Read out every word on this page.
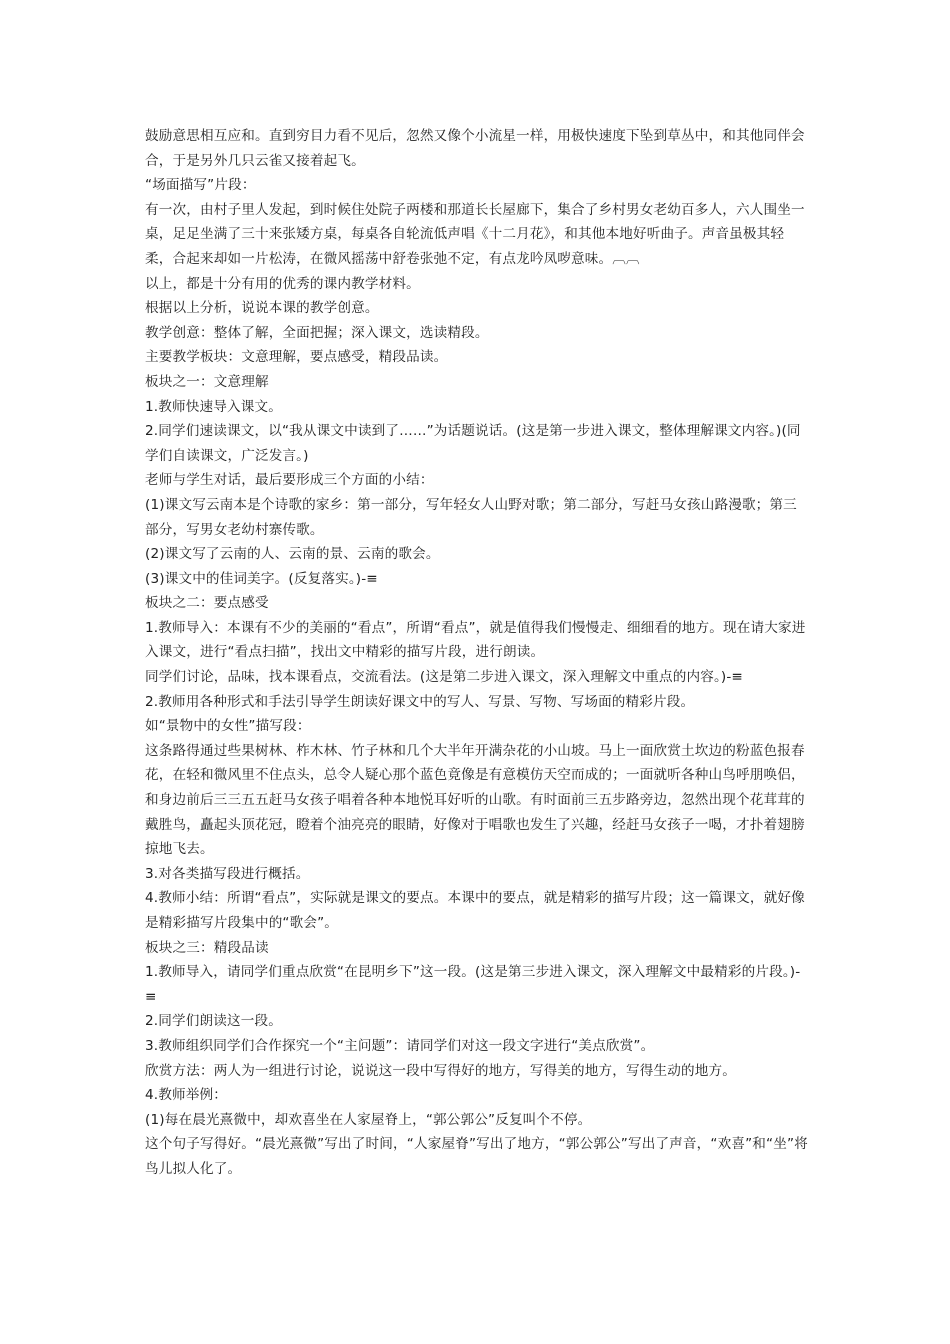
鼓励意思相互应和。直到穷目力看不见后，忽然又像个小流星一样，用极快速度下坠到草丛中，和其他同伴会合，于是另外几只云雀又接着起飞。

“场面描写”片段：

有一次，由村子里人发起，到时候住处院子两楼和那道长长屋廊下，集合了乡村男女老幼百多人，六人围坐一桌，足足坐满了三十来张矮方桌，每桌各自轮流低声唱《十二月花》，和其他本地好听曲子。声音虽极其轻柔，合起来却如一片松涛，在微风摇荡中舒卷张弛不定，有点龙吟凤哕意味。︹︹

以上，都是十分有用的优秀的课内教学材料。

根据以上分析，说说本课的教学创意。

教学创意：整体了解，全面把握；深入课文，选读精段。

主要教学板块：文意理解，要点感受，精段品读。

板块之一：文意理解

1.教师快速导入课文。

2.同学们速读课文，以“我从课文中读到了……”为话题说话。(这是第一步进入课文，整体理解课文内容。)(同学们自读课文，广泛发言。)

老师与学生对话，最后要形成三个方面的小结：

(1)课文写云南本是个诗歌的家乡：第一部分，写年轻女人山野对歌；第二部分，写赶马女孩山路漫歌；第三部分，写男女老幼村寨传歌。

(2)课文写了云南的人、云南的景、云南的歌会。

(3)课文中的佳词美字。(反复落实。)-≡

板块之二：要点感受

1.教师导入：本课有不少的美丽的“看点”，所谓“看点”，就是值得我们慢慢走、细细看的地方。现在请大家进入课文，进行“看点扫描”，找出文中精彩的描写片段，进行朗读。

同学们讨论，品味，找本课看点，交流看法。(这是第二步进入课文，深入理解文中重点的内容。)-≡

2.教师用各种形式和手法引导学生朗读好课文中的写人、写景、写物、写场面的精彩片段。

如“景物中的女性”描写段：

这条路得通过些果树林、柞木林、竹子林和几个大半年开满杂花的小山坡。马上一面欣赏土坎边的粉蓝色报春花，在轻和微风里不住点头，总令人疑心那个蓝色竟像是有意模仿天空而成的；一面就听各种山鸟呼朋唤侣，和身边前后三三五五赶马女孩子唱着各种本地悦耳好听的山歌。有时面前三五步路旁边，忽然出现个花茸茸的戴胜鸟，矗起头顶花冠，瞪着个油亮亮的眼睛，好像对于唱歌也发生了兴趣，经赶马女孩子一喝，才扑着翅膀掠地飞去。

3.对各类描写段进行概括。

4.教师小结：所谓“看点”，实际就是课文的要点。本课中的要点，就是精彩的描写片段；这一篇课文，就好像是精彩描写片段集中的“歌会”。

板块之三：精段品读

1.教师导入，请同学们重点欣赏“在昆明乡下”这一段。(这是第三步进入课文，深入理解文中最精彩的片段。)-≡

2.同学们朗读这一段。

3.教师组织同学们合作探究一个“主问题”：请同学们对这一段文字进行“美点欣赏”。

欣赏方法：两人为一组进行讨论，说说这一段中写得好的地方，写得美的地方，写得生动的地方。

4.教师举例：

(1)每在晨光熹微中，却欢喜坐在人家屋脊上，“郭公郭公”反复叫个不停。

这个句子写得好。“晨光熹微”写出了时间，“人家屋脊”写出了地方，“郭公郭公”写出了声音，“欢喜”和“坐”将鸟儿拟人化了。
